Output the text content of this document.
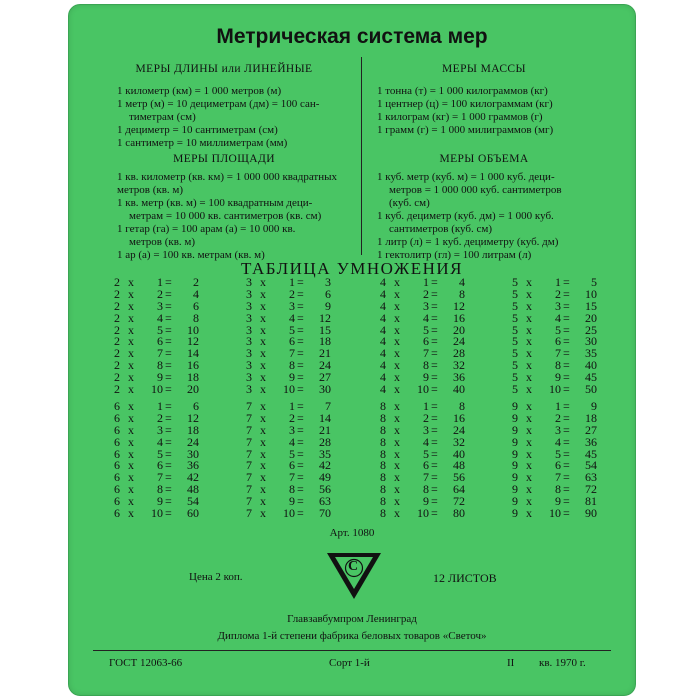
Метрическая система мер
МЕРЫ ДЛИНЫ или ЛИНЕЙНЫЕ
1 километр (км) = 1 000 метров (м)
1 метр (м) = 10 дециметрам (дм) = 100 сан-
тиметрам (см)
1 дециметр = 10 сантиметрам (см)
1 сантиметр = 10 миллиметрам (мм)
МЕРЫ МАССЫ
1 тонна (т) = 1 000 килограммов (кг)
1 центнер (ц) = 100 килограммам (кг)
1 килограм (кг) = 1 000 граммов (г)
1 грамм (г) = 1 000 милиграммов (мг)
МЕРЫ ПЛОЩАДИ
1 кв. километр (кв. км) = 1 000 000 квадратных метров (кв. м)
1 кв. метр (кв. м) = 100 квадратным деци-
метрам = 10 000 кв. сантиметров (кв. см)
1 гетар (га) = 100 арам (а) = 10 000 кв.
метров (кв. м)
1 ар (а) = 100 кв. метрам (кв. м)
МЕРЫ ОБЪЕМА
1 куб. метр (куб. м) = 1 000 куб. деци-
метров = 1 000 000 куб. сантиметров
(куб. см)
1 куб. дециметр (куб. дм) = 1 000 куб.
сантиметров (куб. см)
1 литр (л) = 1 куб. дециметру (куб. дм)
1 гектолитр (гл) = 100 литрам (л)
ТАБЛИЦА УМНОЖЕНИЯ
Арт. 1080
Цена 2 коп.	12 ЛИСТОВ
С
Главзавбумпром Ленинград
Диплома 1-й степени фабрика беловых товаров «Светоч»
ГОСТ 12063-66	Сорт 1-й	II кв. 1970 г.
2 x	1 =	2
2 x	2 =	4
2 x	3 =	6
2 x	4 =	8
2 x	5 =	10
2 x	6 =	12
2 x	7 =	14
2 x	8 =	16
2 x	9 =	18
2 x	10 =	20
3 x	1 =	3
3 x	2 =	6
3 x	3 =	9
3 x	4 =	12
3 x	5 =	15
3 x	6 =	18
3 x	7 =	21
3 x	8 =	24
3 x	9 =	27
3 x	10 =	30
4 x	1 =	4
4 x	2 =	8
4 x	3 =	12
4 x	4 =	16
4 x	5 =	20
4 x	6 =	24
4 x	7 =	28
4 x	8 =	32
4 x	9 =	36
4 x	10 =	40
5 x	1 =	5
5 x	2 =	10
5 x	3 =	15
5 x	4 =	20
5 x	5 =	25
5 x	6 =	30
5 x	7 =	35
5 x	8 =	40
5 x	9 =	45
5 x	10 =	50
6 x	1 =	6
6 x	2 =	12
6 x	3 =	18
6 x	4 =	24
6 x	5 =	30
6 x	6 =	36
6 x	7 =	42
6 x	8 =	48
6 x	9 =	54
6 x	10 =	60
7 x	1 =	7
7 x	2 =	14
7 x	3 =	21
7 x	4 =	28
7 x	5 =	35
7 x	6 =	42
7 x	7 =	49
7 x	8 =	56
7 x	9 =	63
7 x	10 =	70
8 x	1 =	8
8 x	2 =	16
8 x	3 =	24
8 x	4 =	32
8 x	5 =	40
8 x	6 =	48
8 x	7 =	56
8 x	8 =	64
8 x	9 =	72
8 x	10 =	80
9 x	1 =	9
9 x	2 =	18
9 x	3 =	27
9 x	4 =	36
9 x	5 =	45
9 x	6 =	54
9 x	7 =	63
9 x	8 =	72
9 x	9 =	81
9 x	10 =	90
